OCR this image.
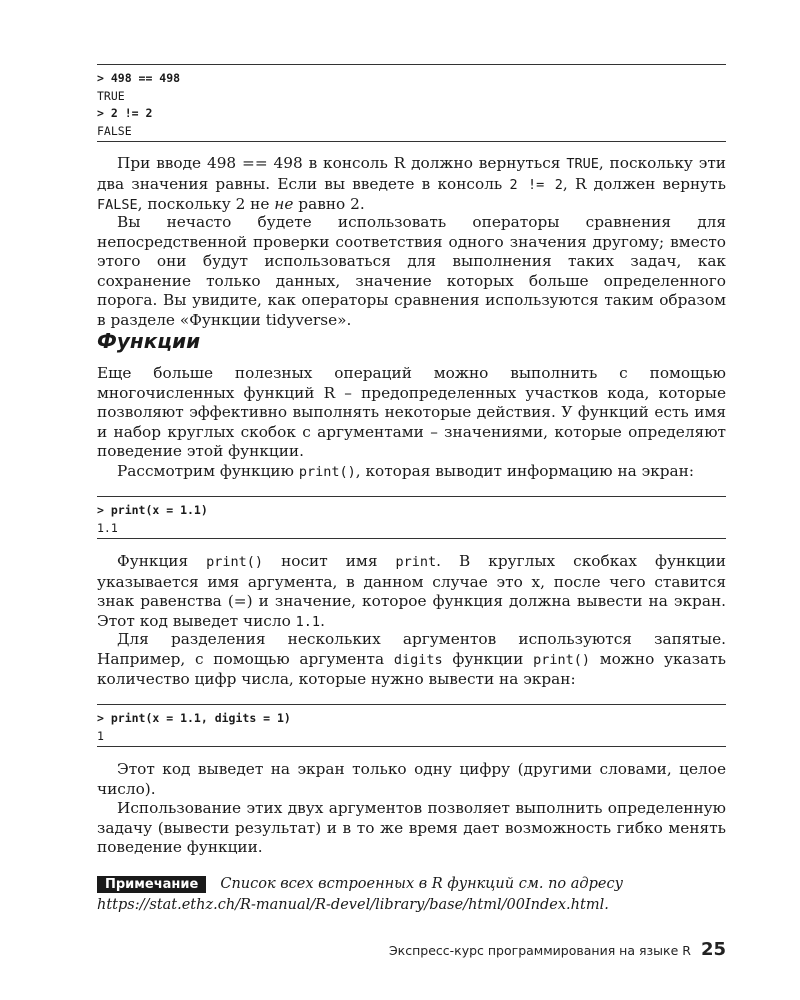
> 498 == 498
TRUE
> 2 != 2
FALSE

При вводе 498 == 498 в консоль R должно вернуться TRUE, поскольку эти два значения равны. Если вы введете в консоль 2 != 2, R должен вернуть FALSE, поскольку 2 не не равно 2.

Вы нечасто будете использовать операторы сравнения для непосредственной проверки соответствия одного значения другому; вместо этого они будут использоваться для выполнения таких задач, как сохранение только данных, значение которых больше определенного порога. Вы увидите, как операторы сравнения используются таким образом в разделе «Функции tidyverse».

Функции

Еще больше полезных операций можно выполнить с помощью многочисленных функций R – предопределенных участков кода, которые позволяют эффективно выполнять некоторые действия. У функций есть имя и набор круглых скобок с аргументами – значениями, которые определяют поведение этой функции.

Рассмотрим функцию print(), которая выводит информацию на экран:

> print(x = 1.1)
1.1

Функция print() носит имя print. В круглых скобках функции указывается имя аргумента, в данном случае это x, после чего ставится знак равенства (=) и значение, которое функция должна вывести на экран. Этот код выведет число 1.1.

Для разделения нескольких аргументов используются запятые. Например, с помощью аргумента digits функции print() можно указать количество цифр числа, которые нужно вывести на экран:

> print(x = 1.1, digits = 1)
1

Этот код выведет на экран только одну цифру (другими словами, целое число).

Использование этих двух аргументов позволяет выполнить определенную задачу (вывести результат) и в то же время дает возможность гибко менять поведение функции.

Примечание Список всех встроенных в R функций см. по адресу https://stat.ethz.ch/R-manual/R-devel/library/base/html/00Index.html.

Экспресс-курс программирования на языке R 25
